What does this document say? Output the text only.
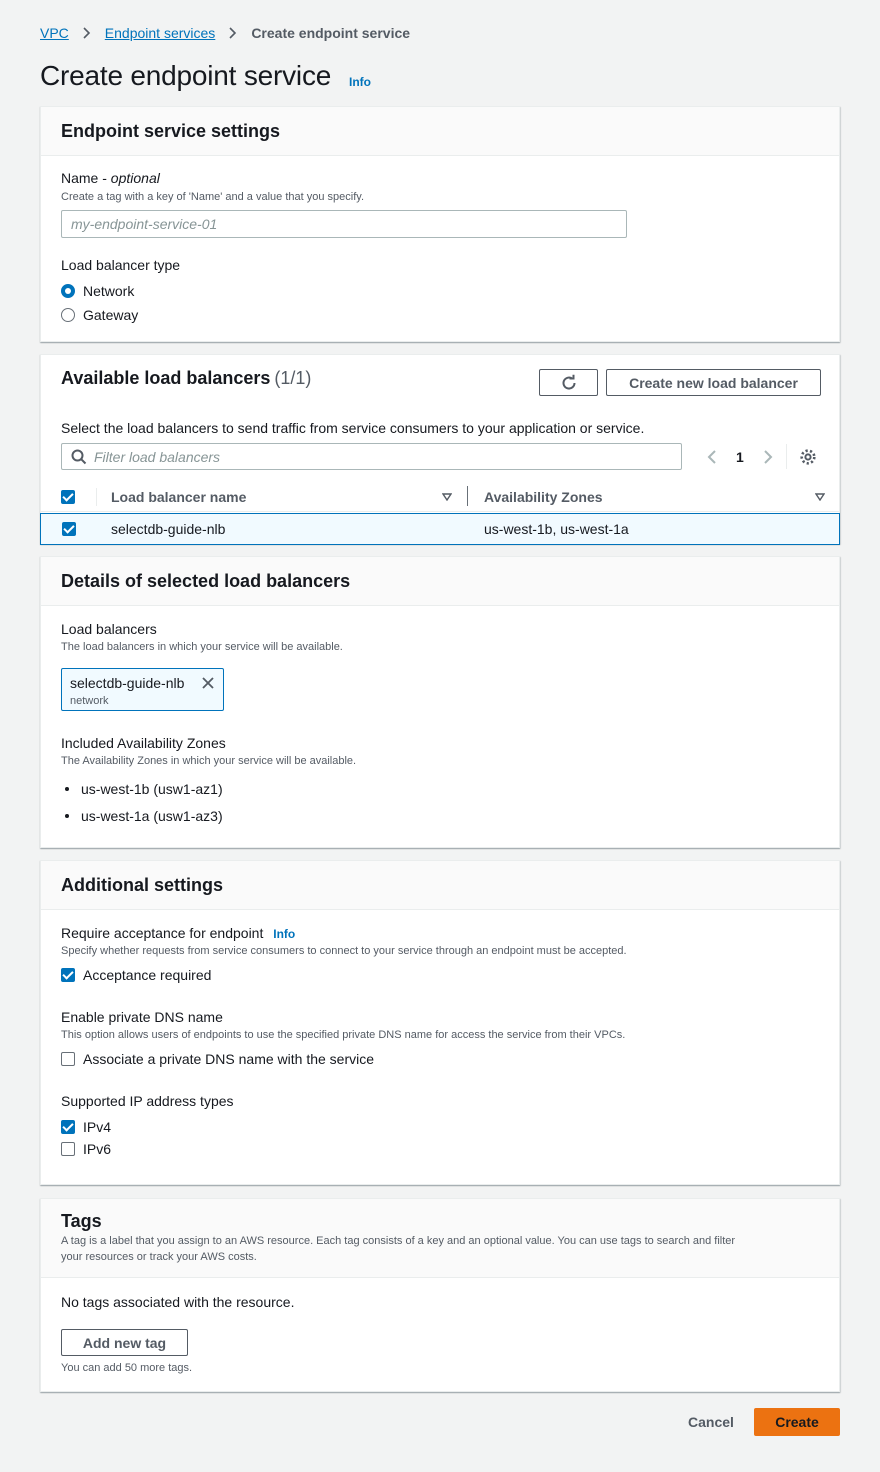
VPC	Endpoint services	Create endpoint service
Create endpoint service Info
Endpoint service settings
Name - optional
Create a tag with a key of 'Name' and a value that you specify.
my-endpoint-service-01
Load balancer type
Network
Gateway
Available load balancers (1/1)	Create new load balancer
Select the load balancers to send traffic from service consumers to your application or service.
Filter load balancers	1
Load balancer name	Availability Zones
selectdb-guide-nlb	us-west-1b, us-west-1a
Details of selected load balancers
Load balancers
The load balancers in which your service will be available.
selectdb-guide-nlb
network
Included Availability Zones
The Availability Zones in which your service will be available.
us-west-1b (usw1-az1)
us-west-1a (usw1-az3)
Additional settings
Require acceptance for endpoint Info
Specify whether requests from service consumers to connect to your service through an endpoint must be accepted.
Acceptance required
Enable private DNS name
This option allows users of endpoints to use the specified private DNS name for access the service from their VPCs.
Associate a private DNS name with the service
Supported IP address types
IPv4
IPv6
Tags
A tag is a label that you assign to an AWS resource. Each tag consists of a key and an optional value. You can use tags to search and filter
your resources or track your AWS costs.
No tags associated with the resource.
Add new tag
You can add 50 more tags.
Cancel	Create
